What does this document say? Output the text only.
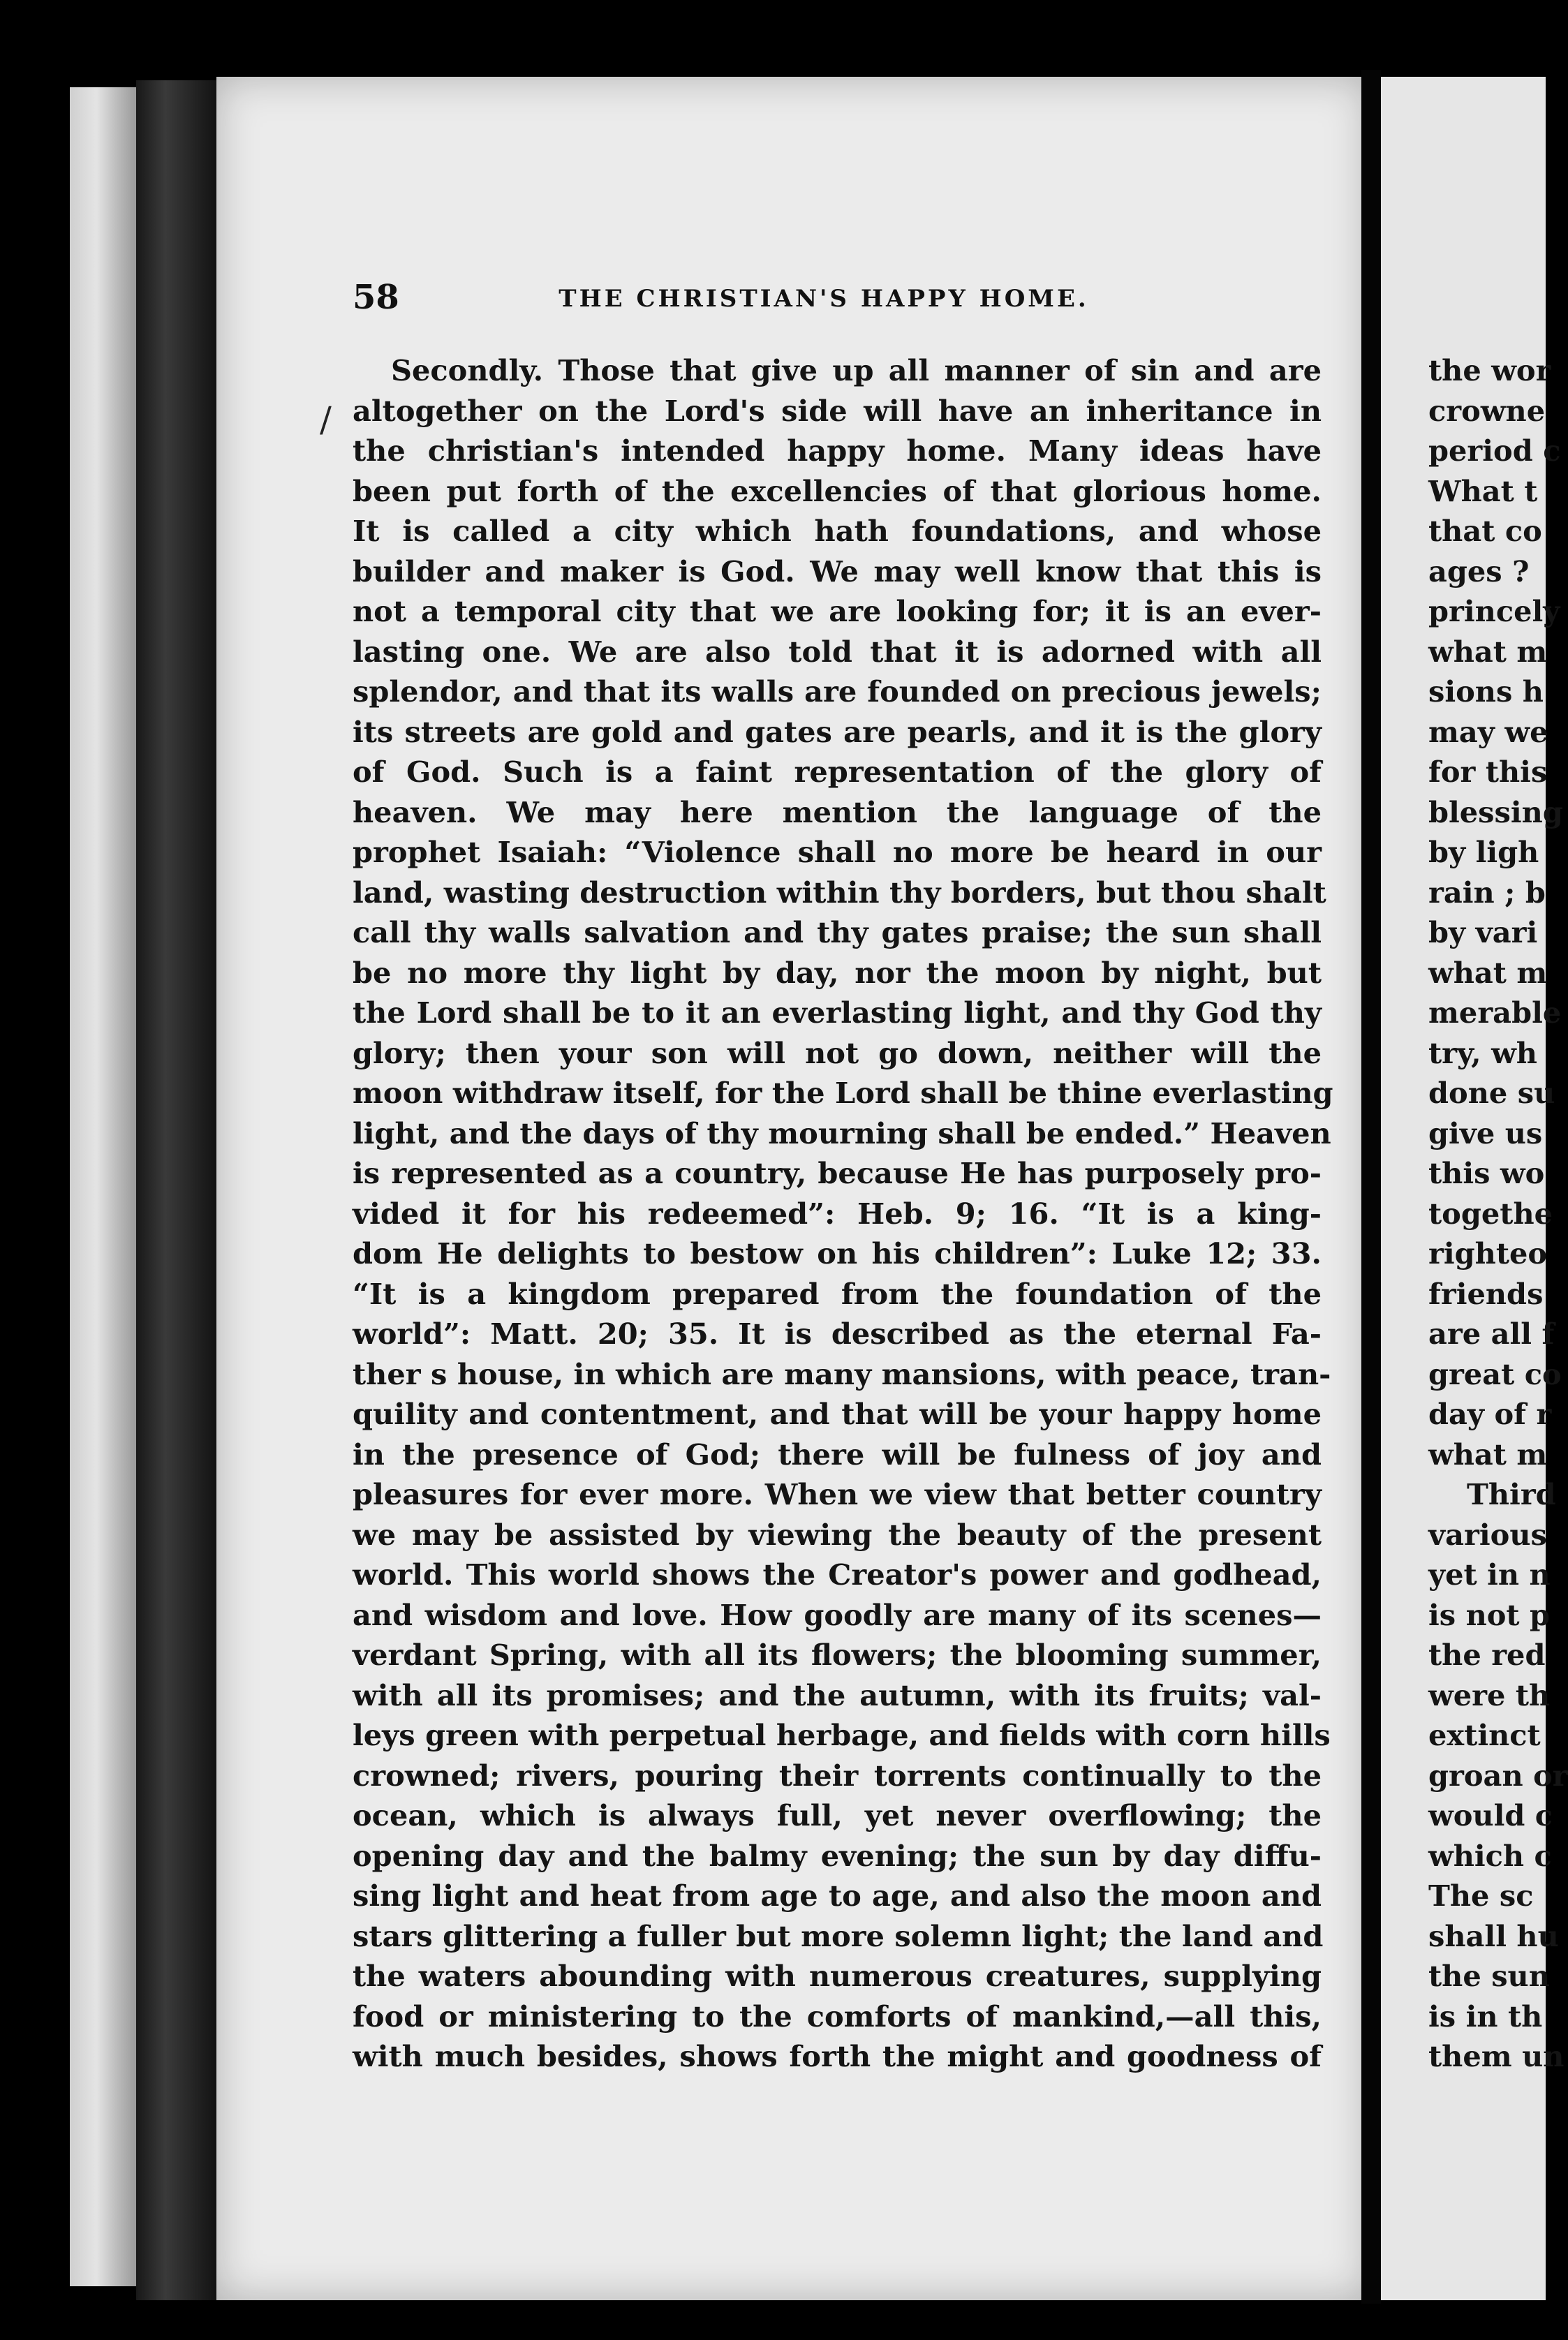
58	THE CHRISTIAN'S HAPPY HOME.
/
Secondly. Those that give up all manner of sin and are
altogether on the Lord's side will have an inheritance in
the christian's intended happy home. Many ideas have
been put forth of the excellencies of that glorious home.
It is called a city which hath foundations, and whose
builder and maker is God. We may well know that this is
not a temporal city that we are looking for; it is an ever-
lasting one. We are also told that it is adorned with all
splendor, and that its walls are founded on precious jewels;
its streets are gold and gates are pearls, and it is the glory
of God. Such is a faint representation of the glory of
heaven. We may here mention the language of the
prophet Isaiah: “Violence shall no more be heard in our
land, wasting destruction within thy borders, but thou shalt
call thy walls salvation and thy gates praise; the sun shall
be no more thy light by day, nor the moon by night, but
the Lord shall be to it an everlasting light, and thy God thy
glory; then your son will not go down, neither will the
moon withdraw itself, for the Lord shall be thine everlasting
light, and the days of thy mourning shall be ended.” Heaven
is represented as a country, because He has purposely pro-
vided it for his redeemed”: Heb. 9; 16. “It is a king-
dom He delights to bestow on his children”: Luke 12; 33.
“It is a kingdom prepared from the foundation of the
world”: Matt. 20; 35. It is described as the eternal Fa-
ther s house, in which are many mansions, with peace, tran-
quility and contentment, and that will be your happy home
in the presence of God; there will be fulness of joy and
pleasures for ever more. When we view that better country
we may be assisted by viewing the beauty of the present
world. This world shows the Creator's power and godhead,
and wisdom and love. How goodly are many of its scenes—
verdant Spring, with all its flowers; the blooming summer,
with all its promises; and the autumn, with its fruits; val-
leys green with perpetual herbage, and fields with corn hills
crowned; rivers, pouring their torrents continually to the
ocean, which is always full, yet never overflowing; the
opening day and the balmy evening; the sun by day diffu-
sing light and heat from age to age, and also the moon and
stars glittering a fuller but more solemn light; the land and
the waters abounding with numerous creatures, supplying
food or ministering to the comforts of mankind,—all this,
with much besides, shows forth the might and goodness of
the wor
crowne
period c
What t
that co
ages ?
princely
what m
sions h
may we
for this
blessing
by ligh
rain ; b
by vari
what m
merable
try, wh
done su
give us
this wo
togethe
righteo
friends
are all f
great co
day of r
what m
Third
various
yet in n
is not p
the red
were th
extinct
groan or
would c
which c
The sc
shall hu
the sun
is in th
them un
